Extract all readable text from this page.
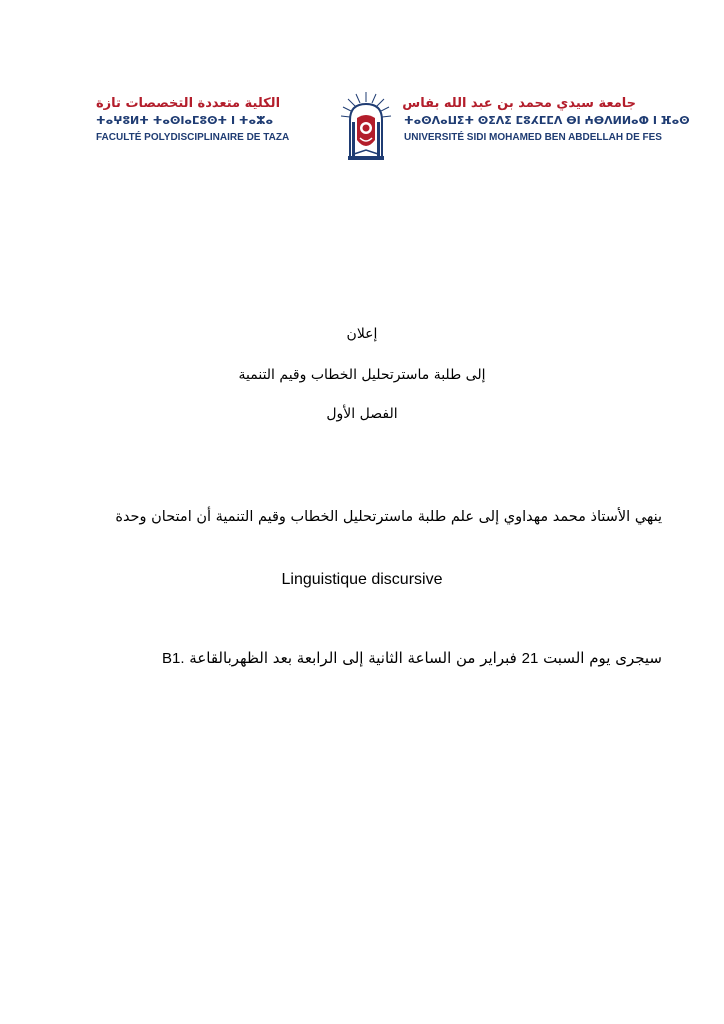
الكلية متعددة التخصصات تازة
ⵜⴰⵖⵓⵍⵜ ⵜⴰⵙⵏⴰⵎⵓⵙⵜ ⵏ ⵜⴰⵣⴰ
FACULTÉ POLYDISCIPLINAIRE DE TAZA
جامعة سيدي محمد بن عبد الله بفاس
ⵜⴰⵙⴷⴰⵡⵉⵜ ⵙⵉⴷⵉ ⵎⵓⵃⵎⵎⴷ ⴱⵏ ⵄⴱⴷⵍⵍⴰⵀ ⵏ ⴼⴰⵙ
UNIVERSITÉ SIDI MOHAMED BEN ABDELLAH DE FES
إعلان
إلى طلبة ماسترتحليل الخطاب وقيم التنمية
الفصل الأول
ينهي الأستاذ محمد مهداوي إلى علم طلبة ماسترتحليل الخطاب وقيم التنمية أن امتحان وحدة
Linguistique discursive
سيجرى يوم السبت 21 فبراير من الساعة الثانية إلى الرابعة بعد الظهربالقاعة B1.
